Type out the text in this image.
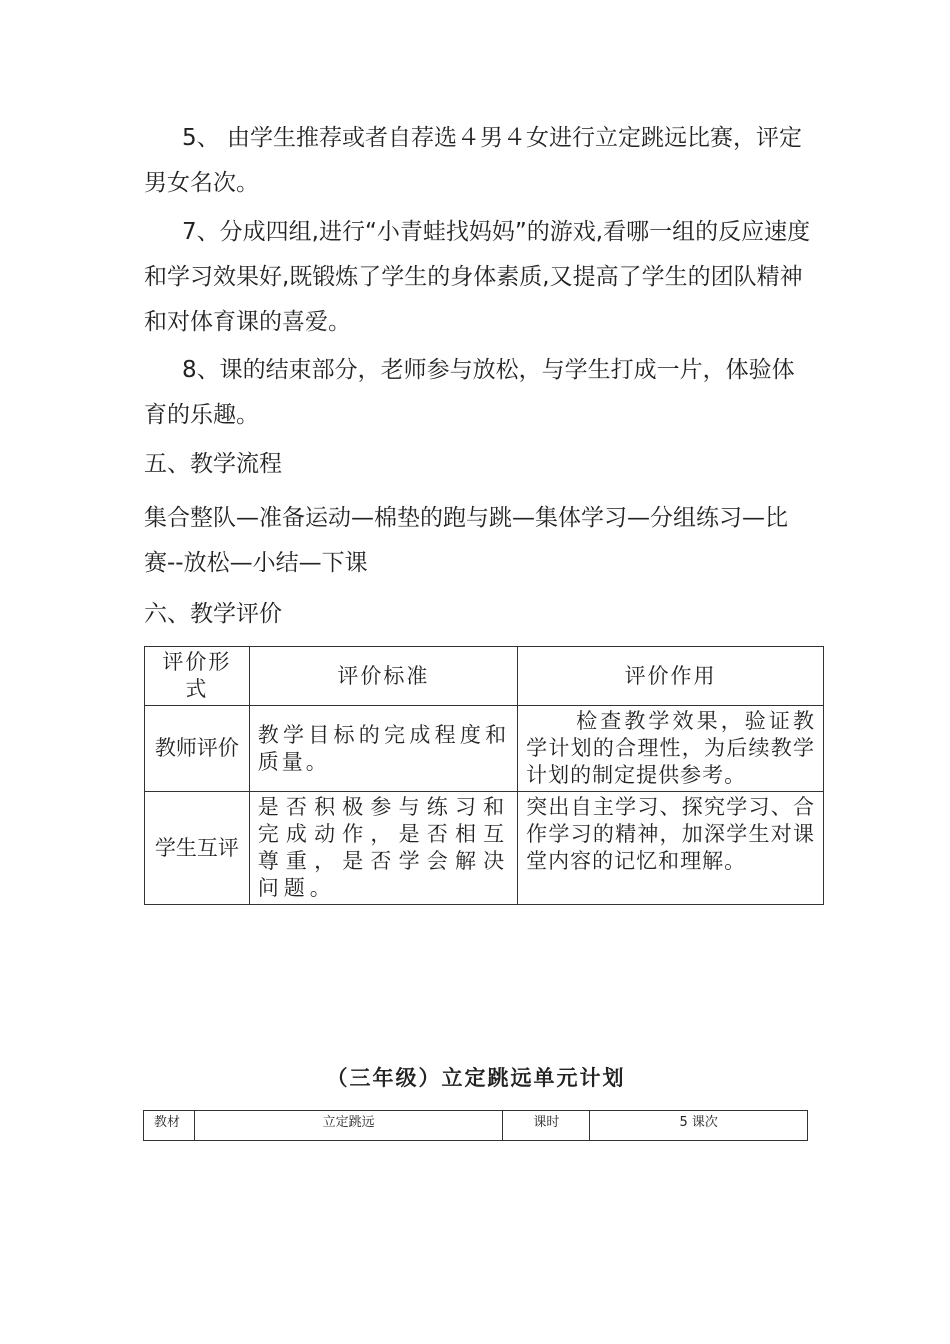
5、 由学生推荐或者自荐选４男４女进行立定跳远比赛，评定男女名次。

7、分成四组,进行“小青蛙找妈妈”的游戏,看哪一组的反应速度和学习效果好,既锻炼了学生的身体素质,又提高了学生的团队精神和对体育课的喜爱。

8、课的结束部分，老师参与放松，与学生打成一片，体验体育的乐趣。

五、教学流程

集合整队—准备运动—棉垫的跑与跳—集体学习—分组练习—比赛--放松—小结—下课

六、教学评价

评价形式	评价标准	评价作用
教师评价	教学目标的完成程度和质量。	检查教学效果，验证教学计划的合理性，为后续教学计划的制定提供参考。
学生互评	是否积极参与练习和完成动作，是否相互尊重，是否学会解决问题。	突出自主学习、探究学习、合作学习的精神，加深学生对课堂内容的记忆和理解。

（三年级）立定跳远单元计划

教材	立定跳远	课时	5 课次
